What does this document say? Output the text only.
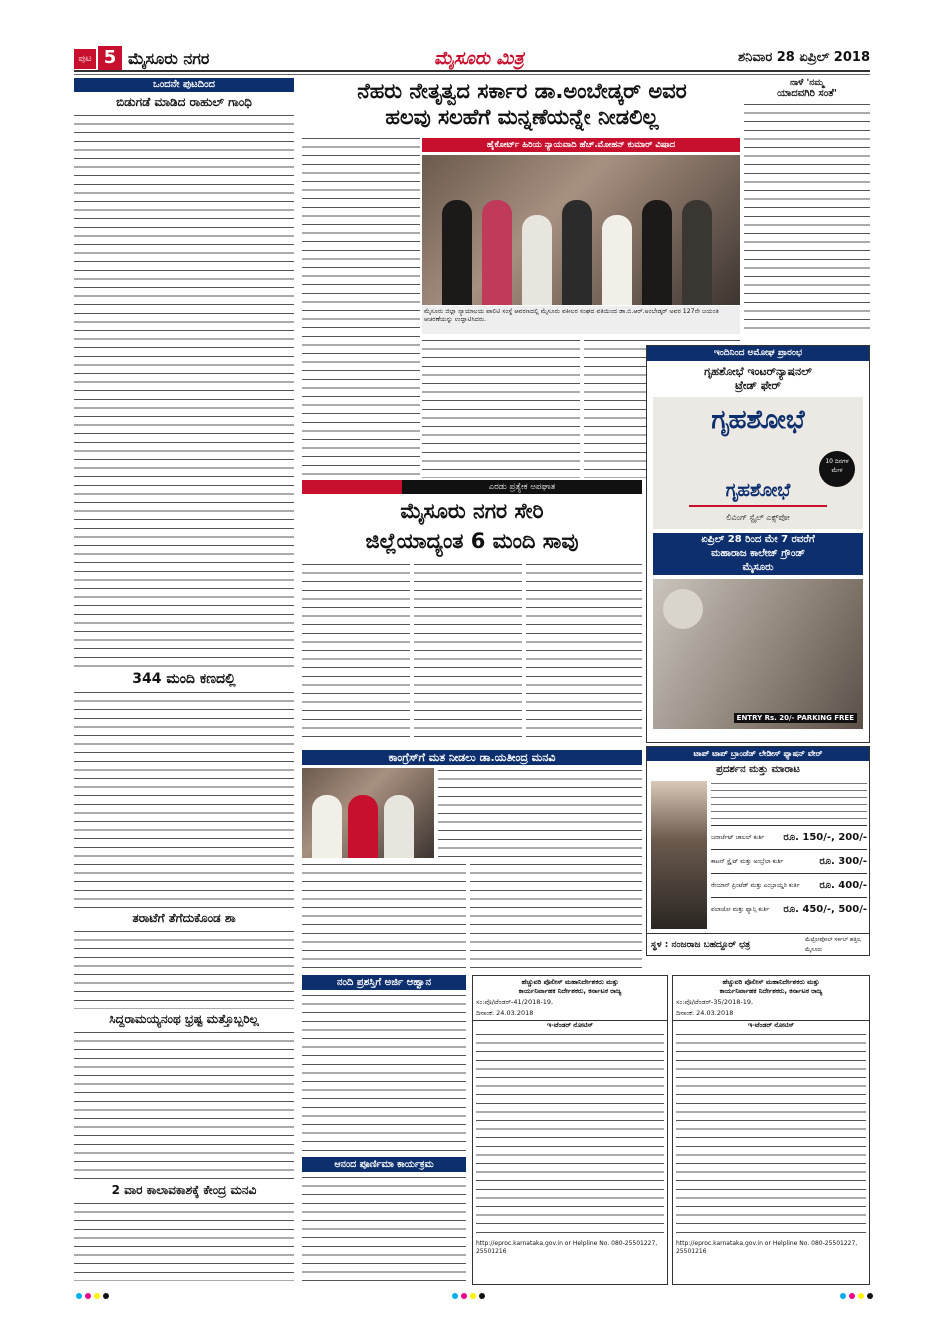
ಪುಟ 5 ಮೈಸೂರು ನಗರ	ಮೈಸೂರು ಮಿತ್ರ	ಶನಿವಾರ 28 ಏಪ್ರಿಲ್ 2018
ಒಂದನೇ ಪುಟದಿಂದ
ಬಿಡುಗಡೆ ಮಾಡಿದ ರಾಹುಲ್ ಗಾಂಧಿ
344 ಮಂದಿ ಕಣದಲ್ಲಿ
ತರಾಟೆಗೆ ತೆಗೆದುಕೊಂಡ ಶಾ
ಸಿದ್ದರಾಮಯ್ಯನಂಥ ಭ್ರಷ್ಟ ಮತ್ತೊಬ್ಬರಿಲ್ಲ
2 ವಾರ ಕಾಲಾವಕಾಶಕ್ಕೆ ಕೇಂದ್ರ ಮನವಿ
ನೆಹರು ನೇತೃತ್ವದ ಸರ್ಕಾರ ಡಾ.ಅಂಬೇಡ್ಕರ್ ಅವರ
ಹಲವು ಸಲಹೆಗೆ ಮನ್ನಣೆಯನ್ನೇ ನೀಡಲಿಲ್ಲ
ಹೈಕೋರ್ಟ್ ಹಿರಿಯ ನ್ಯಾಯವಾದಿ ಹೆಚ್.ಮೋಹನ್ ಕುಮಾರ್ ವಿಷಾದ
ಮೈಸೂರು ಜಿಲ್ಲಾ ನ್ಯಾಯಾಲಯ ಪಾಲಿಟಿ ಸಂಸ್ಥೆ ಆವರಣದಲ್ಲಿ ಮೈಸೂರು ವಕೀಲರ ಸಂಘದ ವತಿಯಿಂದ ಡಾ.ಬಿ.ಆರ್.ಅಂಬೇಡ್ಕರ್ ಅವರ 127ನೇ ಜಯಂತಿ ಆಚರಣೆಯನ್ನು ಉದ್ಘಾಟಿಸಿದರು.
ಎರಡು ಪ್ರತ್ಯೇಕ ಅಪಘಾತ
ಮೈಸೂರು ನಗರ ಸೇರಿ
ಜಿಲ್ಲೆಯಾದ್ಯಂತ 6 ಮಂದಿ ಸಾವು
ನಾಳೆ 'ನಮ್ಮ
ಯಾದವಗಿರಿ ಸಂತೆ'
ಇಂದಿನಿಂದ ಅಮೋಘ ಪ್ರಾರಂಭ
ಗೃಹಶೋಭೆ ಇಂಟರ್‌ನ್ಯಾಷನಲ್
ಟ್ರೇಡ್ ಫೇರ್
ಗೃಹಶೋಭೆ
10 ದಿನಗಳ ಮೇಳ
ಗೃಹಶೋಭೆ
ಲಿವಿಂಗ್ ಸ್ಟೈಲ್ ಎಕ್ಸ್‌ಪೋ
ಏಪ್ರಿಲ್ 28 ರಿಂದ ಮೇ 7 ರವರೆಗೆ
ಮಹಾರಾಜ ಕಾಲೇಜ್ ಗ್ರೌಂಡ್
ಮೈಸೂರು
ENTRY Rs. 20/- PARKING FREE
ಕಾಂಗ್ರೆಸ್‌ಗೆ ಮತ ನೀಡಲು ಡಾ.ಯತೀಂದ್ರ ಮನವಿ	ಟಾಪ್ ಟಾಪ್ ಬ್ರಾಂಡೆಡ್ ಲೇಡೀಸ್ ಫ್ಯಾಷನ್ ವೇರ್
ಪ್ರದರ್ಶನ ಮತ್ತು ಮಾರಾಟ
ಜನಾರ್ಜೆಟ್ ಚಾಲಲ್ ಕುರ್ತಿ	ರೂ. 150/-, 200/-
ಕಾಟನ್ ಸ್ಟ್ರೈಟ್ ಮತ್ತು ಅಂಬ್ರೆಲಾ ಕುರ್ತಿ	ರೂ. 300/-
ರೇಯಾನ್ ಪ್ರಿಂಟೆಡ್ ಮತ್ತು ಎಂಬ್ರಾಯ್ಡರಿ ಕುರ್ತಿ	ರೂ. 400/-
ಪಲಾಜೋ ಮತ್ತು ಫ್ಯಾನ್ಸಿ ಕುರ್ತಿ	ರೂ. 450/-, 500/-
ಸ್ಥಳ : ನಂಜರಾಜ ಬಹದ್ದೂರ್ ಛತ್ರ	ಮೆಟ್ರೋಪೋಲ್ ಸರ್ಕಲ್ ಹತ್ತಿರ, ಮೈಸೂರು
ನಂದಿ ಪ್ರಶಸ್ತಿಗೆ ಅರ್ಜಿ ಆಹ್ವಾನ
ಆನಂದ ಪೂರ್ಣಿಮಾ ಕಾರ್ಯಕ್ರಮ
ಹೆಚ್ಚುವರಿ ಪೊಲೀಸ್ ಮಹಾನಿರ್ದೇಶಕರು ಮತ್ತು
ಕಾರ್ಯನಿರ್ವಾಹಕ ನಿರ್ದೇಶಕರು, ಕರ್ನಾಟಕ ರಾಜ್ಯ
ಸಂ:ಪೊ/ಟೆಂಡರ್-41/2018-19,
ದಿನಾಂಕ: 24.03.2018
ಇ-ಟೆಂಡರ್ ನೋಟಿಸ್
http://eproc.karnataka.gov.in or Helpline No. 080-25501227, 25501216
ಹೆಚ್ಚುವರಿ ಪೊಲೀಸ್ ಮಹಾನಿರ್ದೇಶಕರು ಮತ್ತು
ಕಾರ್ಯನಿರ್ವಾಹಕ ನಿರ್ದೇಶಕರು, ಕರ್ನಾಟಕ ರಾಜ್ಯ
ಸಂ:ಪೊ/ಟೆಂಡರ್-35/2018-19,
ದಿನಾಂಕ: 24.03.2018
ಇ-ಟೆಂಡರ್ ನೋಟಿಸ್
http://eproc.karnataka.gov.in or Helpline No. 080-25501227, 25501216
